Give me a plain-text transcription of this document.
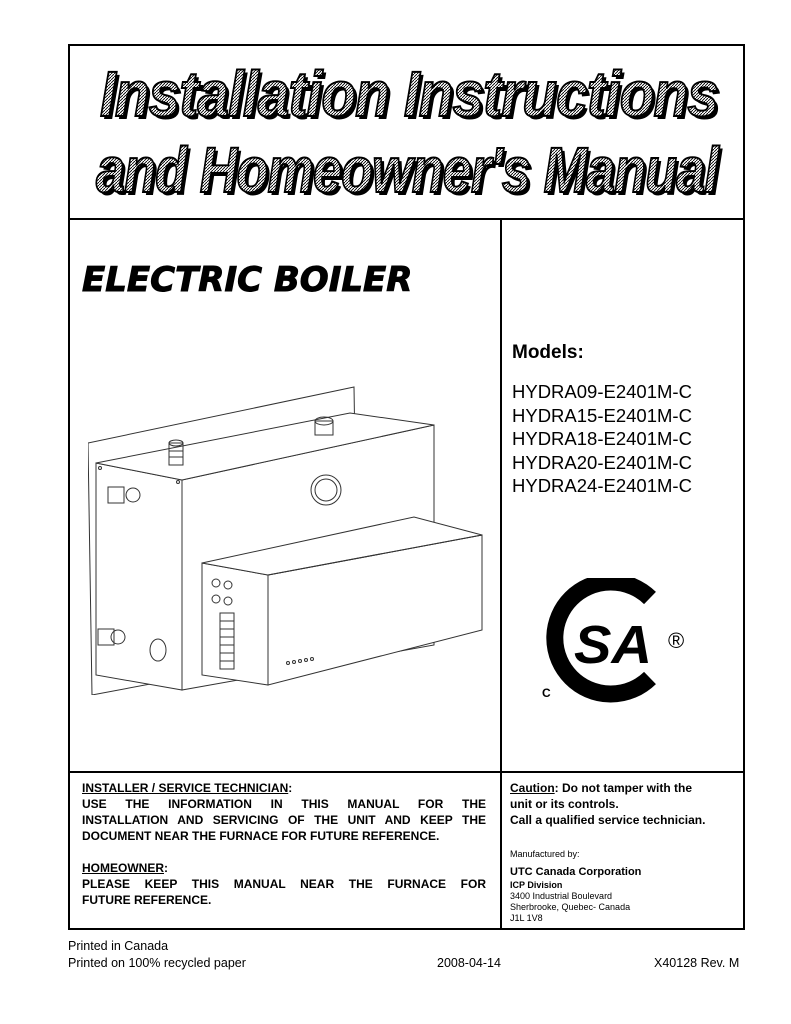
Installation Instructions
Installation Instructions
and Homeowner's Manual
and Homeowner's Manual
ELECTRIC BOILER
Models:
HYDRA09-E2401M-C
HYDRA15-E2401M-C
HYDRA18-E2401M-C
HYDRA20-E2401M-C
HYDRA24-E2401M-C
SA ®
C
INSTALLER / SERVICE TECHNICIAN:
USE THE INFORMATION IN THIS MANUAL FOR THE
INSTALLATION AND SERVICING OF THE UNIT AND KEEP THE
DOCUMENT NEAR THE FURNACE FOR FUTURE REFERENCE.
HOMEOWNER:
PLEASE KEEP THIS MANUAL NEAR THE FURNACE FOR
FUTURE REFERENCE.
Caution: Do not tamper with the
unit or its controls.
Call a qualified service technician.
Manufactured by:
UTC Canada Corporation
ICP Division
3400 Industrial Boulevard
Sherbrooke, Quebec- Canada
J1L 1V8
Printed in Canada
Printed on 100% recycled paper	2008-04-14	X40128 Rev. M
